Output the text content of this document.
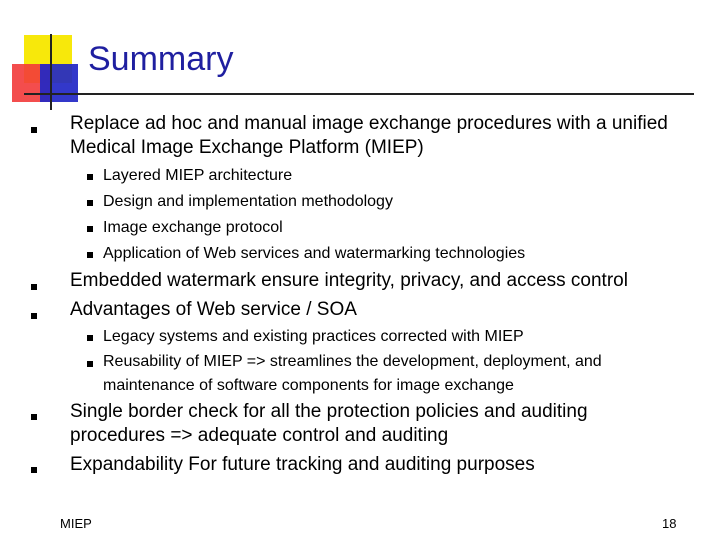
Summary
Replace ad hoc and manual image exchange procedures with a unified
Medical Image Exchange Platform (MIEP)
Layered MIEP architecture
Design and implementation methodology
Image exchange protocol
Application of Web services and watermarking technologies
Embedded watermark ensure integrity, privacy, and access control
Advantages of Web service / SOA
Legacy systems and existing practices corrected with MIEP
Reusability of MIEP => streamlines the development, deployment, and
maintenance of software components for image exchange
Single border check for all the protection policies and auditing
procedures => adequate control and auditing
Expandability For future tracking and auditing purposes
MIEP	18
